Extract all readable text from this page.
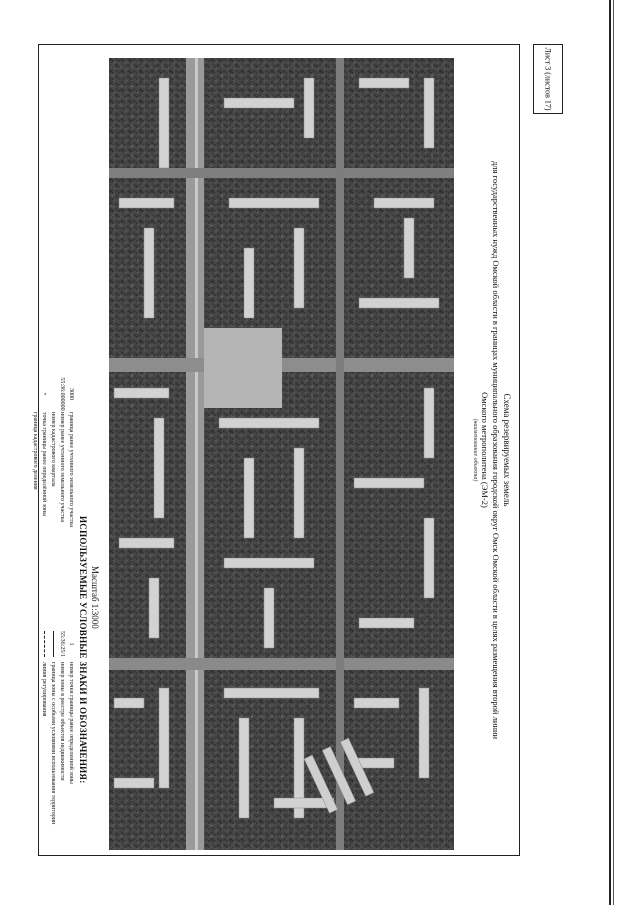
Лист 3 (листов 17)
Схема резервируемых земель
для государственных нужд Омской области в границах муниципального образования городской округ Омск Омской области в целях размещения второй линии
Омского метрополитена (ЭМ-2)
(наименование объекта)
Масштаб 1:3000
ИСПОЛЬЗУЕМЫЕ УСЛОВНЫЕ ЗНАКИ И ОБОЗНАЧЕНИЯ:
3000
граница ранее учтенного земельного участка
55:36:000000
номер ранее учтенного земельного участка
номер кадастрового квартала
•
точка границы ранее определённой зоны
граница кадастрового деления
1
номер точки границы ранее определенной зоны
55:36:25/1
номер зоны в реестре объектов недвижимости
граница зоны с особыми условиями использования территории
линия регулирования
